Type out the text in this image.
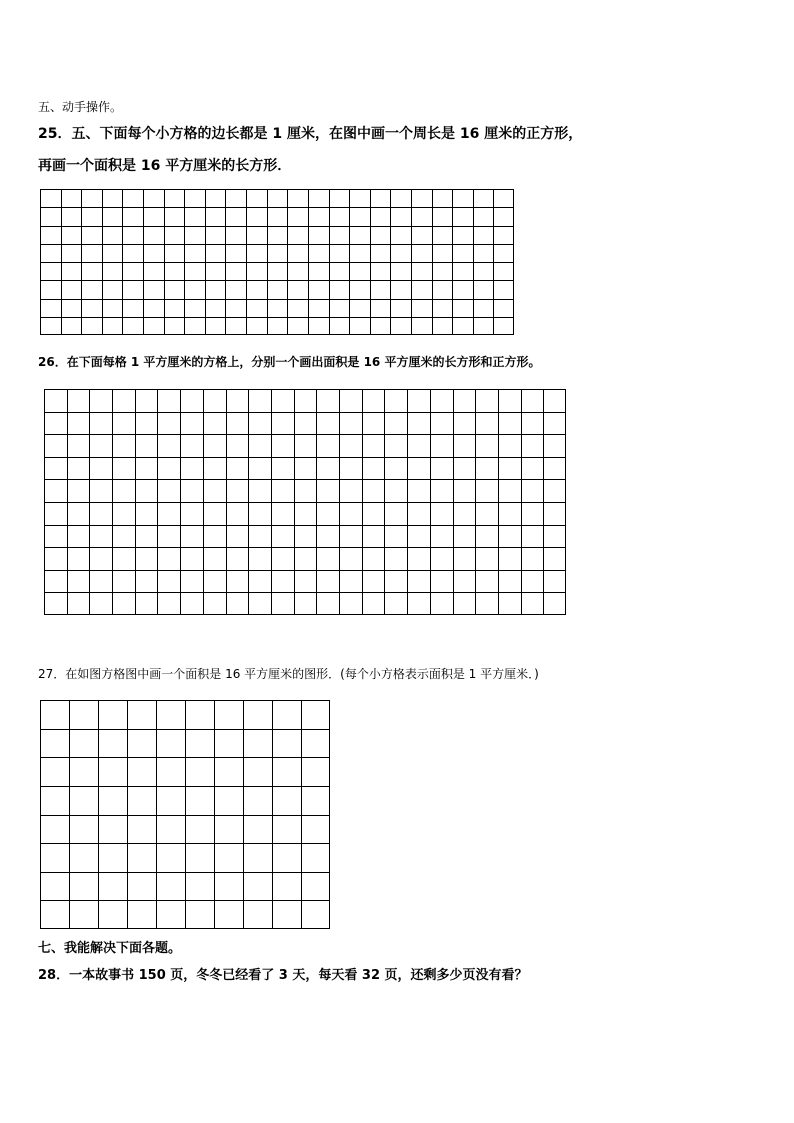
五、动手操作。
25．五、下面每个小方格的边长都是 1 厘米，在图中画一个周长是 16 厘米的正方形，
再画一个面积是 16 平方厘米的长方形．
26．在下面每格 1 平方厘米的方格上，分别一个画出面积是 16 平方厘米的长方形和正方形。
27．在如图方格图中画一个面积是 16 平方厘米的图形．(每个小方格表示面积是 1 平方厘米．)
七、我能解决下面各题。
28．一本故事书 150 页，冬冬已经看了 3 天，每天看 32 页，还剩多少页没有看？
